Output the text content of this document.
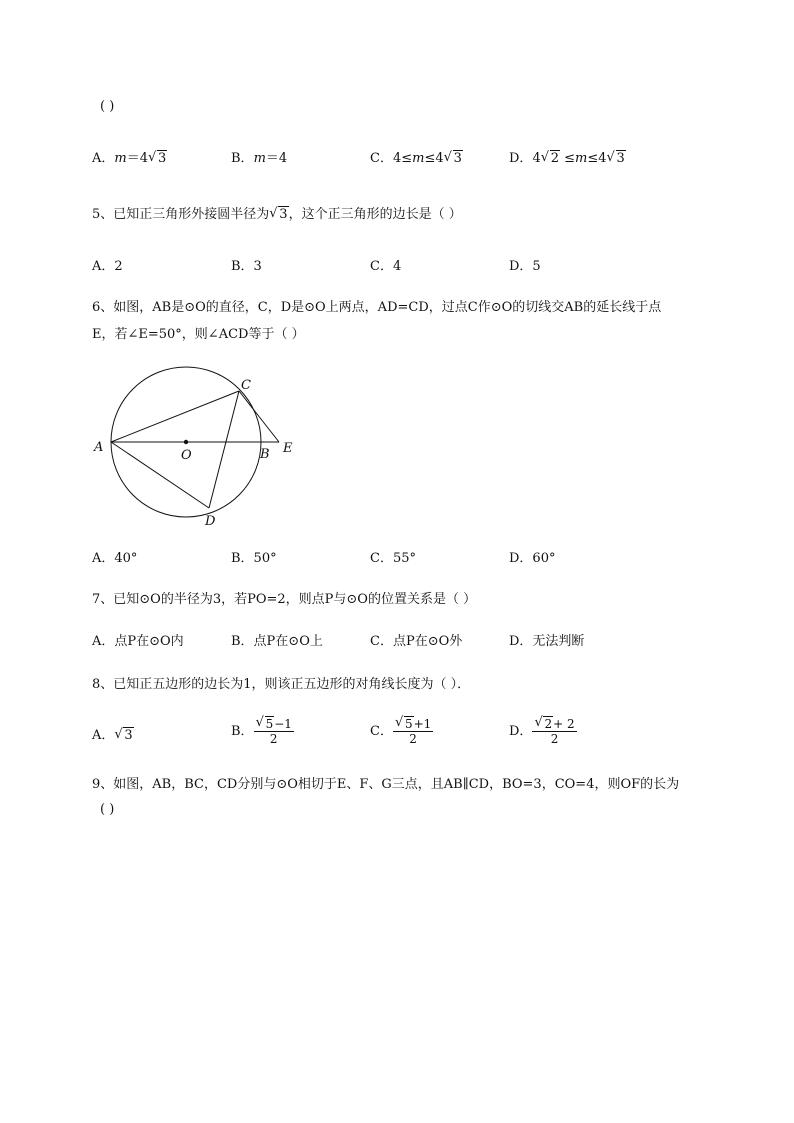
( )
A．m＝4 √ 3	B．m＝4	C．4≤m≤4 √ 3	D．4 √ 2 ≤m≤4 √ 3
5、已知正三角形外接圆半径为 √ 3，这个正三角形的边长是（ ）
A．2	B．3	C．4	D．5
6、如图，AB是⊙O的直径，C，D是⊙O上两点，AD=CD，过点C作⊙O的切线交AB的延长线于点
E，若∠E=50°，则∠ACD等于（ ）
A
O	B E
C
D
A．40°	B．50°	C．55°	D．60°
7、已知⊙O的半径为3，若PO=2，则点P与⊙O的位置关系是（ ）
A．点P在⊙O内	B．点P在⊙O上	C．点P在⊙O外	D．无法判断
8、已知正五边形的边长为1，则该正五边形的对角线长度为（ ）．
A． √ 3	B． √ $\frac{5-1}{2}$	C． √ $\frac{5+1}{2}$	D． √ $\frac{2+ 2}{2}$
9、如图，AB，BC，CD分别与⊙O相切于E、F、G三点，且AB∥CD，BO=3，CO=4，则OF的长为
( )
